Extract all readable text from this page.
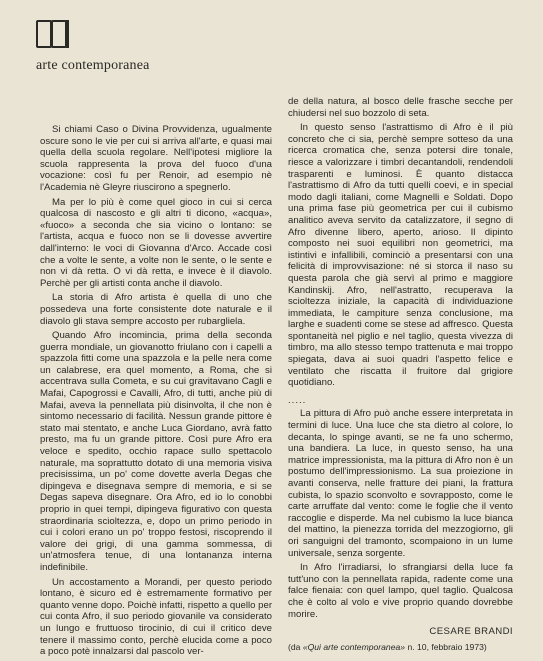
arte contemporanea

Si chiami Caso o Divina Provvidenza, ugualmente oscure sono le vie per cui si arriva all'arte, e quasi mai quella della scuola regolare. Nell'ipotesi migliore la scuola rappresenta la prova del fuoco d'una vocazione: così fu per Renoir, ad esempio nè l'Academia nè Gleyre riuscirono a spegnerlo.

Ma per lo più è come quel gioco in cui si cerca qualcosa di nascosto e gli altri ti dicono, «acqua», «fuoco» a seconda che sia vicino o lontano: se l'artista, acqua e fuoco non se li dovesse avvertire dall'interno: le voci di Giovanna d'Arco. Accade così che a volte le sente, a volte non le sente, o le sente e non vi dà retta. O vi dà retta, e invece è il diavolo. Perchè per gli artisti conta anche il diavolo.

La storia di Afro artista è quella di uno che possedeva una forte consistente dote naturale e il diavolo gli stava sempre accosto per rubargliela.

Quando Afro incomincia, prima della seconda guerra mondiale, un giovanotto friulano con i capelli a spazzola fitti come una spazzola e la pelle nera come un calabrese, era quel momento, a Roma, che si accentrava sulla Cometa, e su cui gravitavano Cagli e Mafai, Capogrossi e Cavalli, Afro, di tutti, anche più di Mafai, aveva la pennellata più disinvolta, il che non è sintomo necessario di facilità. Nessun grande pittore è stato mai stentato, e anche Luca Giordano, avrà fatto presto, ma fu un grande pittore. Così pure Afro era veloce e spedito, occhio rapace sullo spettacolo naturale, ma soprattutto dotato di una memoria visiva precisissima, un po' come dovette averla Degas che dipingeva e disegnava sempre di memoria, e si se Degas sapeva disegnare. Ora Afro, ed io lo conobbi proprio in quei tempi, dipingeva figurativo con questa straordinaria scioltezza, e, dopo un primo periodo in cui i colori erano un po' troppo festosi, riscoprendo il valore dei grigi, di una gamma sommessa, di un'atmosfera tenue, di una lontananza interna indefinibile.

Un accostamento a Morandi, per questo periodo lontano, è sicuro ed è estremamente formativo per quanto venne dopo. Poichè infatti, rispetto a quello per cui conta Afro, il suo periodo giovanile va considerato un lungo e fruttuoso tirocinio, di cui il critico deve tenere il massimo conto, perchè elucida come a poco a poco potè innalzarsi dal pascolo ver-

de della natura, al bosco delle frasche secche per chiudersi nel suo bozzolo di seta.

In questo senso l'astrattismo di Afro è il più concreto che ci sia, perchè sempre sotteso da una ricerca cromatica che, senza potersi dire tonale, riesce a valorizzare i timbri decantandoli, rendendoli trasparenti e luminosi. È quanto distacca l'astrattismo di Afro da tutti quelli coevi, e in special modo dagli italiani, come Magnelli e Soldati. Dopo una prima fase più geometrica per cui il cubismo analitico aveva servito da catalizzatore, il segno di Afro divenne libero, aperto, arioso. Il dipinto composto nei suoi equilibri non geometrici, ma istintivi e infallibili, cominciò a presentarsi con una felicità di improvvisazione: né si storca il naso su questa parola che già servì al primo e maggiore Kandinskij. Afro, nell'astratto, recuperava la scioltezza iniziale, la capacità di individuazione immediata, le campiture senza conclusione, ma larghe e suadenti come se stese ad affresco. Questa spontaneità nel piglio e nel taglio, questa vivezza di timbro, ma allo stesso tempo trattenuta e mai troppo spiegata, dava ai suoi quadri l'aspetto felice e ventilato che riscatta il fruitore dal grigiore quotidiano.

.....

La pittura di Afro può anche essere interpretata in termini di luce. Una luce che sta dietro al colore, lo decanta, lo spinge avanti, se ne fa uno schermo, una bandiera. La luce, in questo senso, ha una matrice impressionista, ma la pittura di Afro non è un postumo dell'impressionismo. La sua proiezione in avanti conserva, nelle fratture dei piani, la frattura cubista, lo spazio sconvolto e sovrapposto, come le carte arruffate dal vento: come le foglie che il vento raccoglie e disperde. Ma nel cubismo la luce bianca del mattino, la pienezza torrida del mezzogiorno, gli ori sanguigni del tramonto, scompaiono in un lume universale, senza sorgente.

In Afro l'irradiarsi, lo sfrangiarsi della luce fa tutt'uno con la pennellata rapida, radente come una falce fienaia: con quel lampo, quel taglio. Qualcosa che è colto al volo e vive proprio quando dovrebbe morire.

CESARE BRANDI
(da «Qui arte contemporanea» n. 10, febbraio 1973)
